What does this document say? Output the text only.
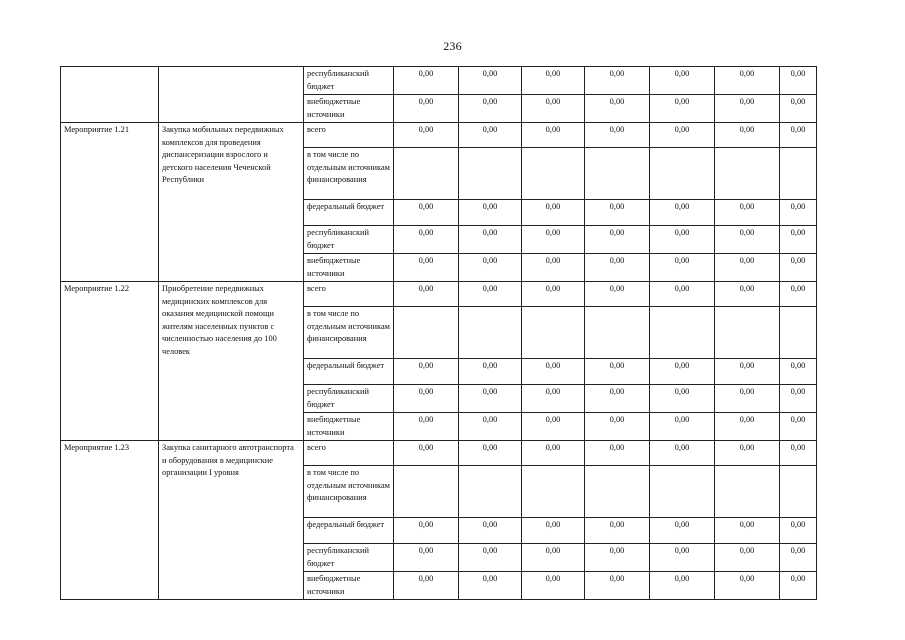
236
		республиканский бюджет	0,00	0,00	0,00	0,00	0,00	0,00	0,00
		внебюджетные источники	0,00	0,00	0,00	0,00	0,00	0,00	0,00
Мероприятие 1.21	Закупка мобильных передвижных комплексов для проведения диспансеризации взрослого и детского населения Чеченской Республики	всего	0,00	0,00	0,00	0,00	0,00	0,00	0,00
		в том числе по отдельным источникам финансирования							
		федеральный бюджет	0,00	0,00	0,00	0,00	0,00	0,00	0,00
		республиканский бюджет	0,00	0,00	0,00	0,00	0,00	0,00	0,00
		внебюджетные источники	0,00	0,00	0,00	0,00	0,00	0,00	0,00
Мероприятие 1.22	Приобретение передвижных медицинских комплексов для оказания медицинской помощи жителям населенных пунктов с численностью населения до 100 человек	всего	0,00	0,00	0,00	0,00	0,00	0,00	0,00
		в том числе по отдельным источникам финансирования							
		федеральный бюджет	0,00	0,00	0,00	0,00	0,00	0,00	0,00
		республиканский бюджет	0,00	0,00	0,00	0,00	0,00	0,00	0,00
		внебюджетные источники	0,00	0,00	0,00	0,00	0,00	0,00	0,00
Мероприятие 1.23	Закупка санитарного автотранспорта и оборудования в медицинские организации I уровня	всего	0,00	0,00	0,00	0,00	0,00	0,00	0,00
		в том числе по отдельным источникам финансирования							
		федеральный бюджет	0,00	0,00	0,00	0,00	0,00	0,00	0,00
		республиканский бюджет	0,00	0,00	0,00	0,00	0,00	0,00	0,00
		внебюджетные источники	0,00	0,00	0,00	0,00	0,00	0,00	0,00
